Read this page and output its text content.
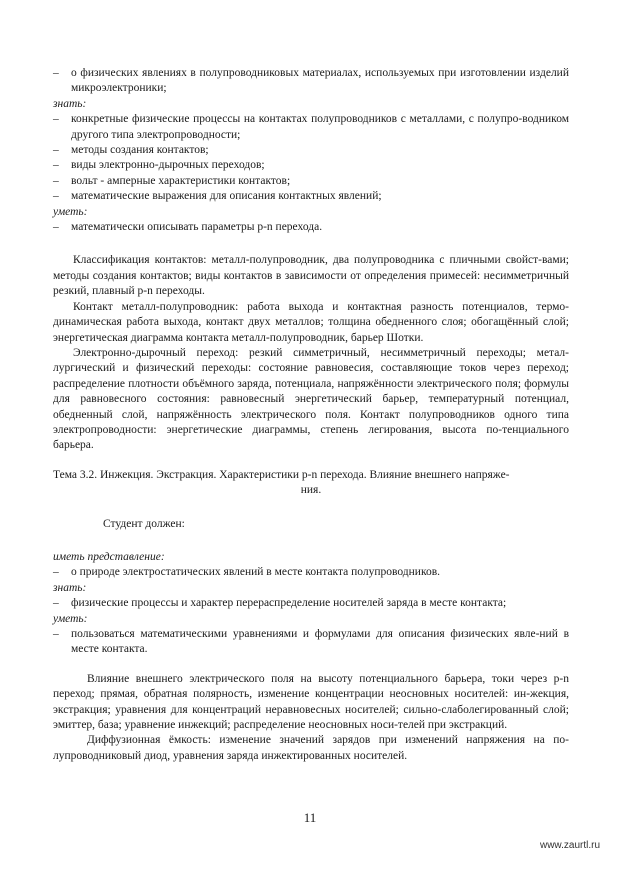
–	о физических явлениях в полупроводниковых материалах, используемых при изготовлении изделий микроэлектроники;
знать:
–	конкретные физические процессы на контактах полупроводников с металлами, с полупро-водником другого типа электропроводности;
–	методы создания контактов;
–	виды электронно-дырочных переходов;
–	вольт - амперные характеристики контактов;
–	математические выражения для описания контактных явлений;
уметь:
–	математически описывать параметры p-n перехода.

Классификация контактов: металл-полупроводник, два полупроводника с пличными свойст-вами; методы создания контактов; виды контактов в зависимости от определения примесей: несимметричный резкий, плавный p-n переходы.

Контакт металл-полупроводник: работа выхода и контактная разность потенциалов, термо-динамическая работа выхода, контакт двух металлов; толщина обедненного слоя; обогащённый слой; энергетическая диаграмма контакта металл-полупроводник, барьер Шотки.

Электронно-дырочный переход: резкий симметричный, несимметричный переходы; метал-лургический и физический переходы: состояние равновесия, составляющие токов через переход; распределение плотности объёмного заряда, потенциала, напряжённости электрического поля; формулы для равновесного состояния: равновесный энергетический барьер, температурный потенциал, обедненный слой, напряжённость электрического поля. Контакт полупроводников одного типа электропроводности: энергетические диаграммы, степень легирования, высота по-тенциального барьера.

Тема 3.2. Инжекция. Экстракция. Характеристики p-n перехода. Влияние внешнего напряже-
ния.
Студент должен:
иметь представление:
–	о природе электростатических явлений в месте контакта полупроводников.
знать:
–	физические процессы и характер перераспределение носителей заряда в месте контакта;
уметь:
–	пользоваться математическими уравнениями и формулами для описания физических явле-ний в месте контакта.

Влияние внешнего электрического поля на высоту потенциального барьера, токи через p-n переход; прямая, обратная полярность, изменение концентрации неосновных носителей: ин-жекция, экстракция; уравнения для концентраций неравновесных носителей; сильно-слаболегированный слой; эмиттер, база; уравнение инжекций; распределение неосновных носи-телей при экстракций.

Диффузионная ёмкость: изменение значений зарядов при изменений напряжения на по-лупроводниковый диод, уравнения заряда инжектированных носителей.

11
www.zaurtl.ru
